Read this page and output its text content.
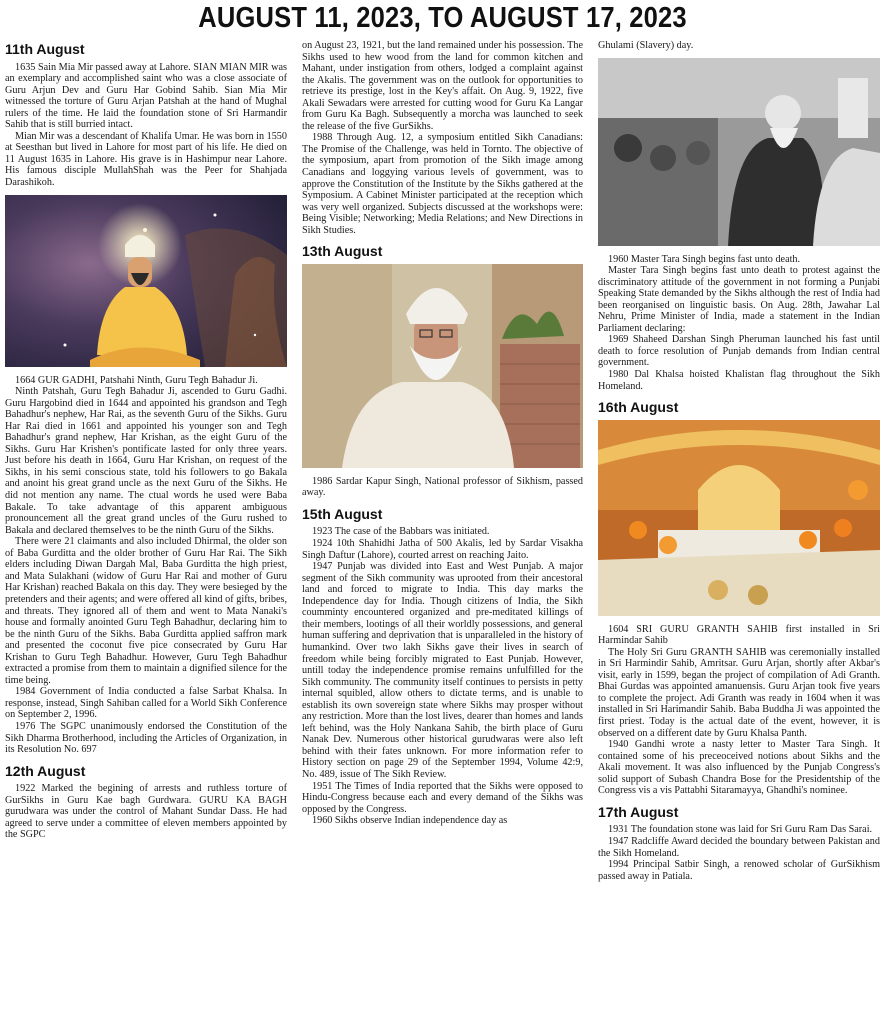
AUGUST 11, 2023, TO AUGUST 17, 2023
11th August

1635 Sain Mia Mir passed away at Lahore. SIAN MIAN MIR was an exemplary and accomplished saint who was a close associate of Guru Arjun Dev and Guru Har Gobind Sahib. Sian Mia Mir witnessed the torture of Guru Arjan Patshah at the hand of Mughal rulers of the time. He laid the foundation stone of Sri Harmandir Sahib that is still burried intact.

Mian Mir was a descendant of Khalifa Umar. He was born in 1550 at Seesthan but lived in Lahore for most part of his life. He died on 11 August 1635 in Lahore. His grave is in Hashimpur near Lahore. His famous disciple MullahShah was the Peer for Shahjada Darashikoh.

1664 GUR GADHI, Patshahi Ninth, Guru Tegh Bahadur Ji.

Ninth Patshah, Guru Tegh Bahadur Ji, ascended to Guru Gadhi. Guru Hargobind died in 1644 and appointed his grandson and Tegh Bahadhur's nephew, Har Rai, as the seventh Guru of the Sikhs. Guru Har Rai died in 1661 and appointed his younger son and Tegh Bahadhur's grand nephew, Har Krishan, as the eight Guru of the Sikhs. Guru Har Krishen's pontificate lasted for only three years. Just before his death in 1664, Guru Har Krishan, on request of the Sikhs, in his semi conscious state, told his followers to go Bakala and anoint his great grand uncle as the next Guru of the Sikhs. He did not mention any name. The ctual words he used were Baba Bakale. To take advantage of this apparent ambiguous pronouncement all the great grand uncles of the Guru rushed to Bakala and declared themselves to be the ninth Guru of the Sikhs.

There were 21 claimants and also included Dhirmal, the older son of Baba Gurditta and the older brother of Guru Har Rai. The Sikh elders including Diwan Dargah Mal, Baba Gurditta the high priest, and Mata Sulakhani (widow of Guru Har Rai and mother of Guru Har Krishan) reached Bakala on this day. They were besieged by the pretenders and their agents; and were offered all kind of gifts, bribes, and threats. They ignored all of them and went to Mata Nanaki's house and formally anointed Guru Tegh Bahadhur, declaring him to be the ninth Guru of the Sikhs. Baba Gurditta applied saffron mark and presented the coconut five pice consecrated by Guru Har Krishan to Guru Tegh Bahadhur. However, Guru Tegh Bahadhur extracted a promise from them to maintain a dignified silence for the time being.

1984 Government of India conducted a false Sarbat Khalsa. In response, instead, Singh Sahiban called for a World Sikh Conference on September 2, 1996.

1976 The SGPC unanimously endorsed the Constitution of the Sikh Dharma Brotherhood, including the Articles of Organization, in its Resolution No. 697

12th August

1922 Marked the begining of arrests and ruthless torture of GurSikhs in Guru Kae bagh Gurdwara. GURU KA BAGH gurudwara was under the control of Mahant Sundar Dass. He had agreed to serve under a committee of eleven members appointed by the SGPC

on August 23, 1921, but the land remained under his possession. The Sikhs used to hew wood from the land for common kitchen and Mahant, under instigation from others, lodged a complaint against the Akalis. The government was on the outlook for opportunities to retrieve its prestige, lost in the Key's affait. On Aug. 9, 1922, five Akali Sewadars were arrested for cutting wood for Guru Ka Langar from Guru Ka Bagh. Subsequently a morcha was launched to seek the release of the five GurSikhs.

1988 Through Aug. 12, a symposium entitled Sikh Canadians: The Promise of the Challenge, was held in Tornto. The objective of the symposium, apart from promotion of the Sikh image among Canadians and loggying various levels of government, was to approve the Constitution of the Institute by the Sikhs gathered at the Symposium. A Cabinet Minister participated at the reception which was very well organized. Subjects discussed at the workshops were: Being Visible; Networking; Media Relations; and New Directions in Sikh Studies.

13th August

1986 Sardar Kapur Singh, National professor of Sikhism, passed away.

15th August

1923 The case of the Babbars was initiated.

1924 10th Shahidhi Jatha of 500 Akalis, led by Sardar Visakha Singh Daftur (Lahore), courted arrest on reaching Jaito.

1947 Punjab was divided into East and West Punjab. A major segment of the Sikh community was uprooted from their ancestoral land and forced to migrate to India. This day marks the Independence day for India. Though citizens of India, the Sikh coumminty encountered organized and pre-meditated killings of their members, lootings of all their worldly possessions, and general human suffering and deprivation that is unparalleled in the history of humankind. Over two lakh Sikhs gave their lives in search of freedom while being forcibly migrated to East Punjab. However, untill today the independence promise remains unfulfilled for the Sikh community. The community itself continues to persists in petty internal squibled, allow others to dictate terms, and is unable to establish its own sovereign state where Sikhs may prosper without any restriction. More than the lost lives, dearer than homes and lands left behind, was the Holy Nankana Sahib, the birth place of Guru Nanak Dev. Numerous other historical gurudwaras were also left behind with their fates unknown. For more information refer to History section on page 29 of the September 1994, Volume 42:9, No. 489, issue of The Sikh Review.

1951 The Times of India reported that the Sikhs were opposed to Hindu-Congress because each and every demand of the Sikhs was opposed by the Congress.

1960 Sikhs observe Indian independence day as

Ghulami (Slavery) day.

1960 Master Tara Singh begins fast unto death.

Master Tara Singh begins fast unto death to protest against the discriminatory attitude of the government in not forming a Punjabi Speaking State demanded by the Sikhs although the rest of India had been reorganised on linguistic basis. On Aug. 28th, Jawahar Lal Nehru, Prime Minister of India, made a statement in the Indian Parliament declaring:

1969 Shaheed Darshan Singh Pheruman launched his fast until death to force resolution of Punjab demands from Indian central government.

1980 Dal Khalsa hoisted Khalistan flag throughout the Sikh Homeland.

16th August

1604 SRI GURU GRANTH SAHIB first installed in Sri Harmindar Sahib

The Holy Sri Guru GRANTH SAHIB was ceremonially installed in Sri Harmindir Sahib, Amritsar. Guru Arjan, shortly after Akbar's visit, early in 1599, began the project of compilation of Adi Granth. Bhai Gurdas was appointed amanuensis. Guru Arjan took five years to complete the project. Adi Granth was ready in 1604 when it was installed in Sri Harimandir Sahib. Baba Buddha Ji was appointed the first priest. Today is the actual date of the event, however, it is observed on a different date by Guru Khalsa Panth.

1940 Gandhi wrote a nasty letter to Master Tara Singh. It contained some of his preceoceived notions about Sikhs and the Akali movement. It was also influenced by the Punjab Congress's solid support of Subash Chandra Bose for the Presidentship of the Congress vis a vis Pattabhi Sitaramayya, Ghandhi's nominee.

17th August

1931 The foundation stone was laid for Sri Guru Ram Das Sarai.

1947 Radcliffe Award decided the boundary between Pakistan and the Sikh Homeland.

1994 Principal Satbir Singh, a renowed scholar of GurSikhism passed away in Patiala.
